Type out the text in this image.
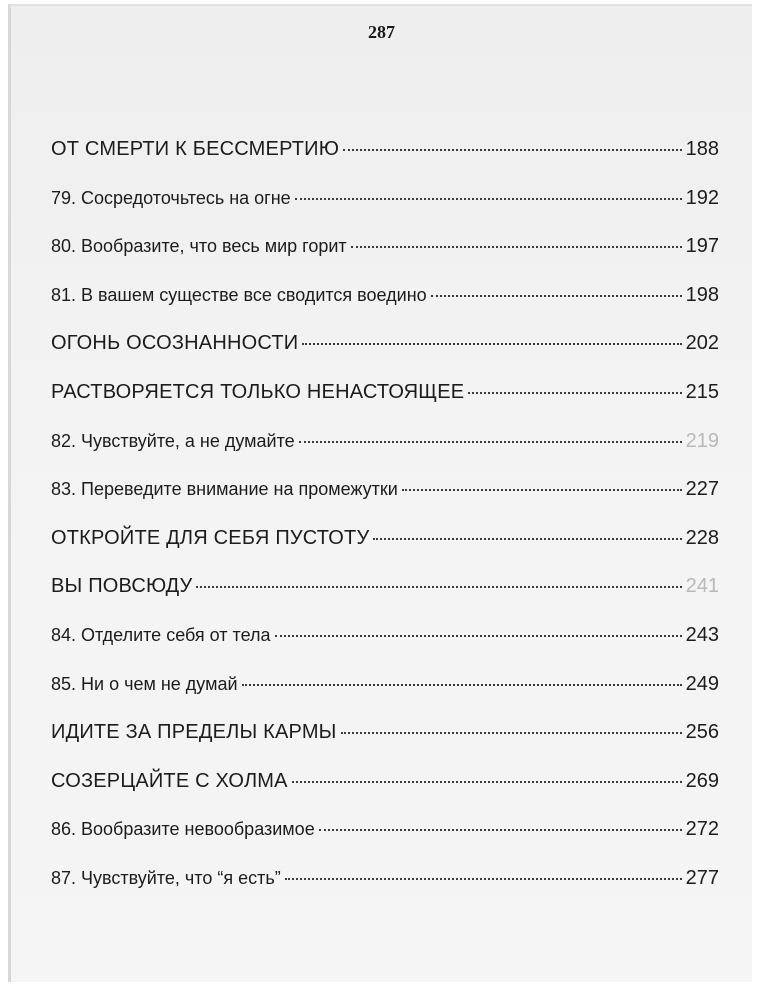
287
ОТ СМЕРТИ К БЕССМЕРТИЮ	188
79. Сосредоточьтесь на огне	192
80. Вообразите, что весь мир горит	197
81. В вашем существе все сводится воедино	198
ОГОНЬ ОСОЗНАННОСТИ	202
РАСТВОРЯЕТСЯ ТОЛЬКО НЕНАСТОЯЩЕЕ	215
82. Чувствуйте, а не думайте	219
83. Переведите внимание на промежутки	227
ОТКРОЙТЕ ДЛЯ СЕБЯ ПУСТОТУ	228
ВЫ ПОВСЮДУ	241
84. Отделите себя от тела	243
85. Ни о чем не думай	249
ИДИТЕ ЗА ПРЕДЕЛЫ КАРМЫ	256
СОЗЕРЦАЙТЕ С ХОЛМА	269
86. Вообразите невообразимое	272
87. Чувствуйте, что “я есть”	277
